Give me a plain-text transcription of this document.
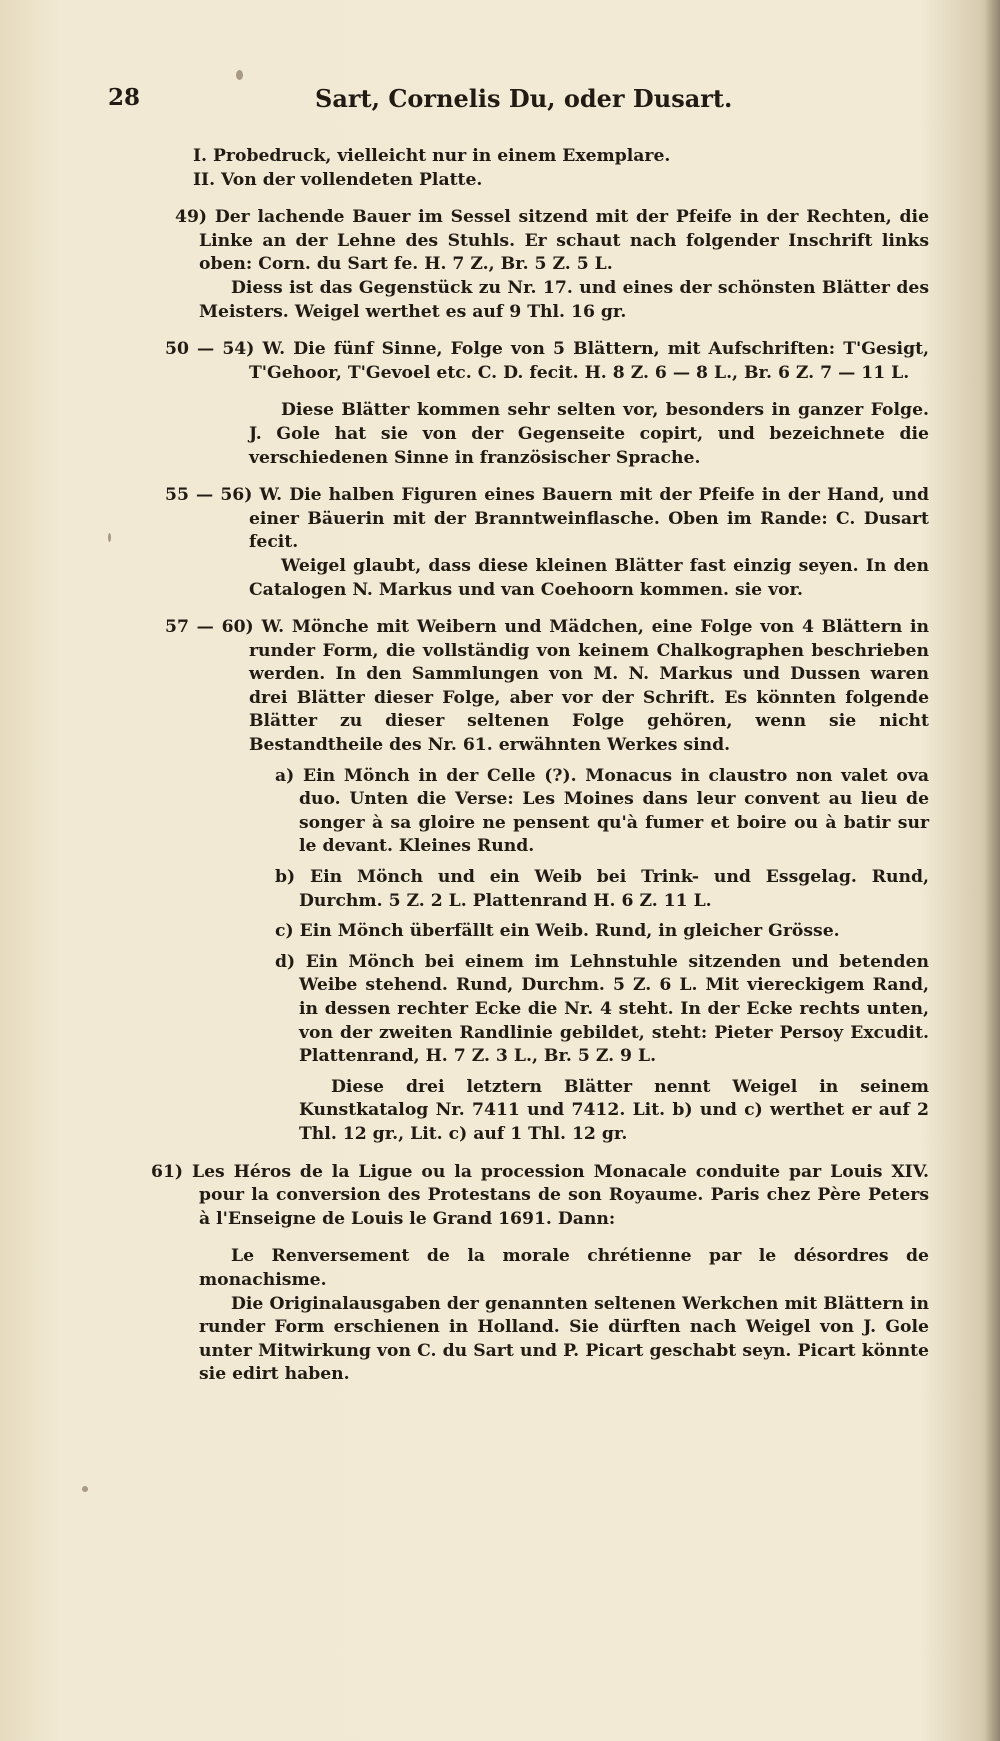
28	Sart, Cornelis Du, oder Dusart.

I. Probedruck, vielleicht nur in einem Exemplare.

II. Von der vollendeten Platte.

49) Der lachende Bauer im Sessel sitzend mit der Pfeife in der Rechten, die Linke an der Lehne des Stuhls. Er schaut nach folgender Inschrift links oben: Corn. du Sart fe. H. 7 Z., Br. 5 Z. 5 L.

Diess ist das Gegenstück zu Nr. 17. und eines der schönsten Blätter des Meisters. Weigel werthet es auf 9 Thl. 16 gr.

50 — 54) W. Die fünf Sinne, Folge von 5 Blättern, mit Aufschriften: T'Gesigt, T'Gehoor, T'Gevoel etc. C. D. fecit. H. 8 Z. 6 — 8 L., Br. 6 Z. 7 — 11 L.

Diese Blätter kommen sehr selten vor, besonders in ganzer Folge. J. Gole hat sie von der Gegenseite copirt, und bezeichnete die verschiedenen Sinne in französischer Sprache.

55 — 56) W. Die halben Figuren eines Bauern mit der Pfeife in der Hand, und einer Bäuerin mit der Branntweinflasche. Oben im Rande: C. Dusart fecit.

Weigel glaubt, dass diese kleinen Blätter fast einzig seyen. In den Catalogen N. Markus und van Coehoorn kommen. sie vor.

57 — 60) W. Mönche mit Weibern und Mädchen, eine Folge von 4 Blättern in runder Form, die vollständig von keinem Chalkographen beschrieben werden. In den Sammlungen von M. N. Markus und Dussen waren drei Blätter dieser Folge, aber vor der Schrift. Es könnten folgende Blätter zu dieser seltenen Folge gehören, wenn sie nicht Bestandtheile des Nr. 61. erwähnten Werkes sind.

a) Ein Mönch in der Celle (?). Monacus in claustro non valet ova duo. Unten die Verse: Les Moines dans leur convent au lieu de songer à sa gloire ne pensent qu'à fumer et boire ou à batir sur le devant. Kleines Rund.

b) Ein Mönch und ein Weib bei Trink- und Essgelag. Rund, Durchm. 5 Z. 2 L. Plattenrand H. 6 Z. 11 L.

c) Ein Mönch überfällt ein Weib. Rund, in gleicher Grösse.

d) Ein Mönch bei einem im Lehnstuhle sitzenden und betenden Weibe stehend. Rund, Durchm. 5 Z. 6 L. Mit viereckigem Rand, in dessen rechter Ecke die Nr. 4 steht. In der Ecke rechts unten, von der zweiten Randlinie gebildet, steht: Pieter Persoy Excudit. Plattenrand, H. 7 Z. 3 L., Br. 5 Z. 9 L.

Diese drei letztern Blätter nennt Weigel in seinem Kunstkatalog Nr. 7411 und 7412. Lit. b) und c) werthet er auf 2 Thl. 12 gr., Lit. c) auf 1 Thl. 12 gr.

61) Les Héros de la Ligue ou la procession Monacale conduite par Louis XIV. pour la conversion des Protestans de son Royaume. Paris chez Père Peters à l'Enseigne de Louis le Grand 1691. Dann:

Le Renversement de la morale chrétienne par le désordres de monachisme.

Die Originalausgaben der genannten seltenen Werkchen mit Blättern in runder Form erschienen in Holland. Sie dürften nach Weigel von J. Gole unter Mitwirkung von C. du Sart und P. Picart geschabt seyn. Picart könnte sie edirt haben.
